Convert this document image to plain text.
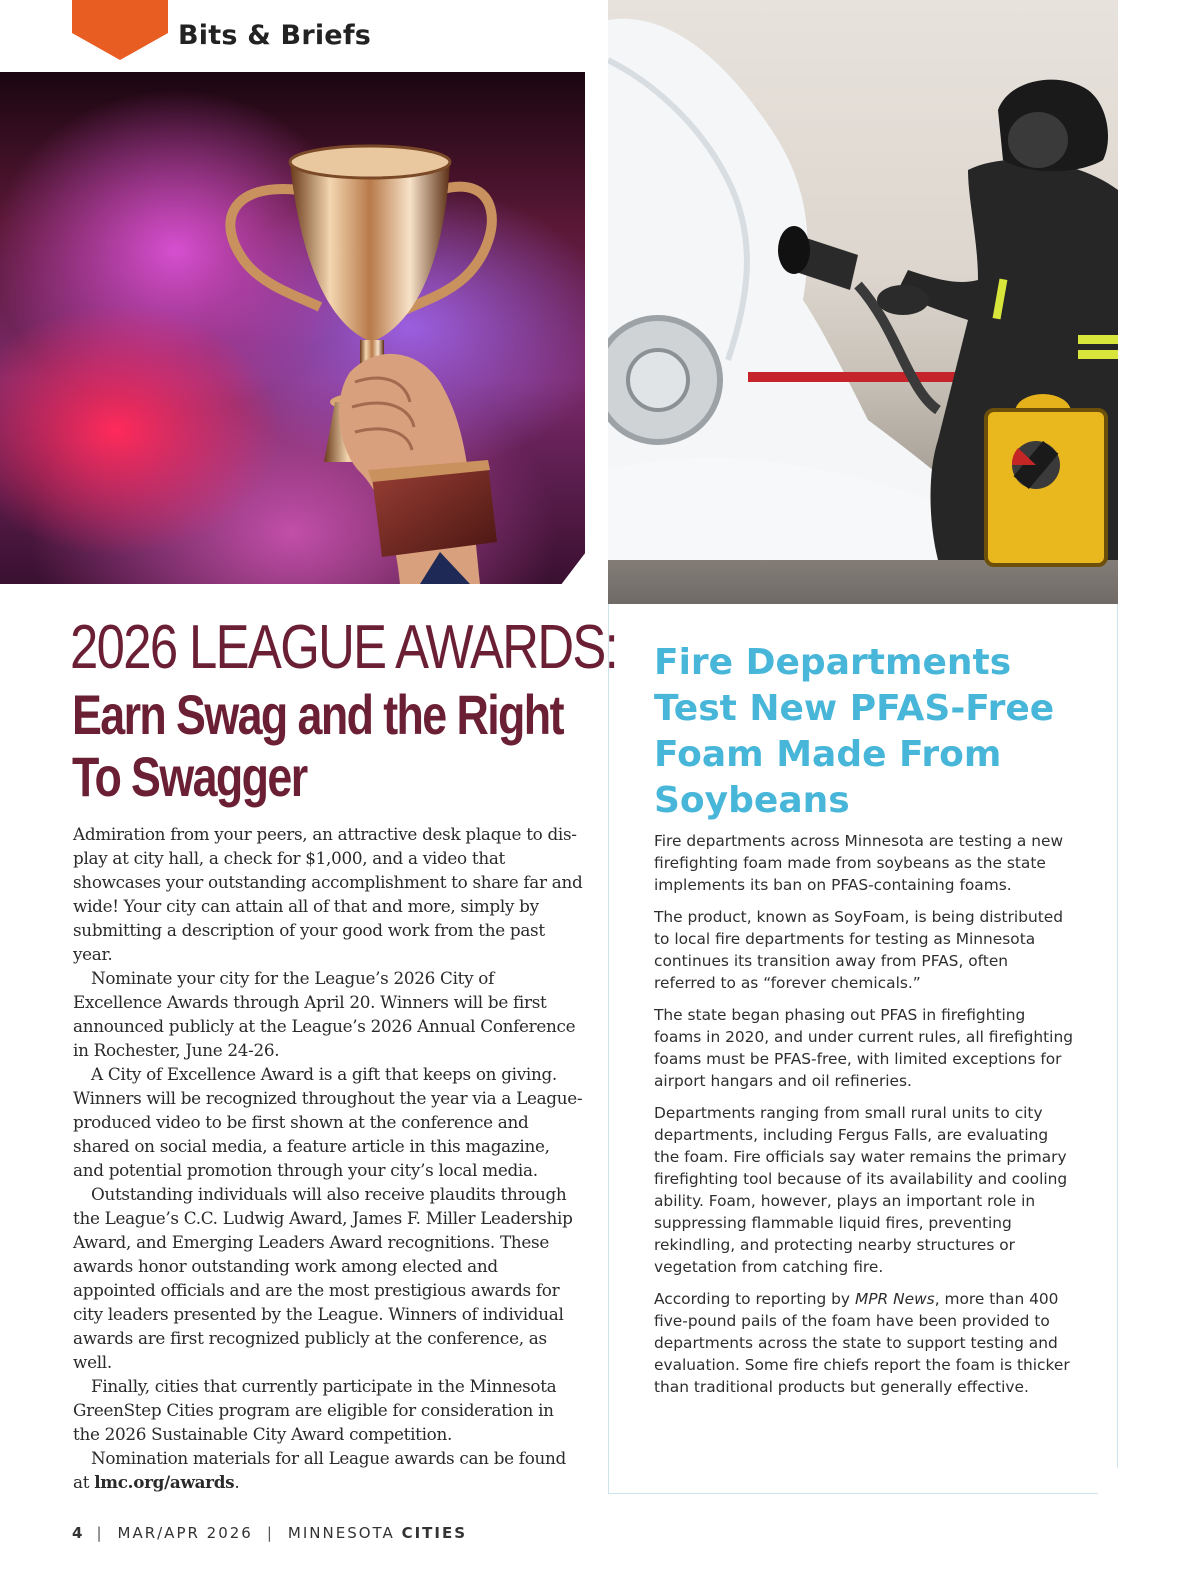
Bits & Briefs
2026 LEAGUE AWARDS:
Earn Swag and the Right
To Swagger

Admiration from your peers, an attractive desk plaque to dis-play at city hall, a check for $1,000, and a video that showcases your outstanding accomplishment to share far and wide! Your city can attain all of that and more, simply by submitting a description of your good work from the past year.

Nominate your city for the League’s 2026 City of Excellence Awards through April 20. Winners will be first announced publicly at the League’s 2026 Annual Conference in Rochester, June 24-26.

A City of Excellence Award is a gift that keeps on giving. Winners will be recognized throughout the year via a League-produced video to be first shown at the conference and shared on social media, a feature article in this magazine, and potential promotion through your city’s local media.

Outstanding individuals will also receive plaudits through the League’s C.C. Ludwig Award, James F. Miller Leadership Award, and Emerging Leaders Award recognitions. These awards honor outstanding work among elected and appointed officials and are the most prestigious awards for city leaders presented by the League. Winners of individual awards are first recognized publicly at the conference, as well.

Finally, cities that currently participate in the Minnesota GreenStep Cities program are eligible for consideration in the 2026 Sustainable City Award competition.

Nomination materials for all League awards can be found at lmc.org/awards.

Fire Departments Test New PFAS-Free Foam Made From Soybeans

Fire departments across Minnesota are testing a new firefighting foam made from soybeans as the state implements its ban on PFAS-containing foams.

The product, known as SoyFoam, is being distributed to local fire departments for testing as Minnesota continues its transition away from PFAS, often referred to as “forever chemicals.”

The state began phasing out PFAS in firefighting foams in 2020, and under current rules, all firefighting foams must be PFAS-free, with limited exceptions for airport hangars and oil refineries.

Departments ranging from small rural units to city departments, including Fergus Falls, are evaluating the foam. Fire officials say water remains the primary firefighting tool because of its availability and cooling ability. Foam, however, plays an important role in suppressing flammable liquid fires, preventing rekindling, and protecting nearby structures or vegetation from catching fire.

According to reporting by MPR News, more than 400 five-pound pails of the foam have been provided to departments across the state to support testing and evaluation. Some fire chiefs report the foam is thicker than traditional products but generally effective.

4 | MAR/APR 2026 | MINNESOTA CITIES
